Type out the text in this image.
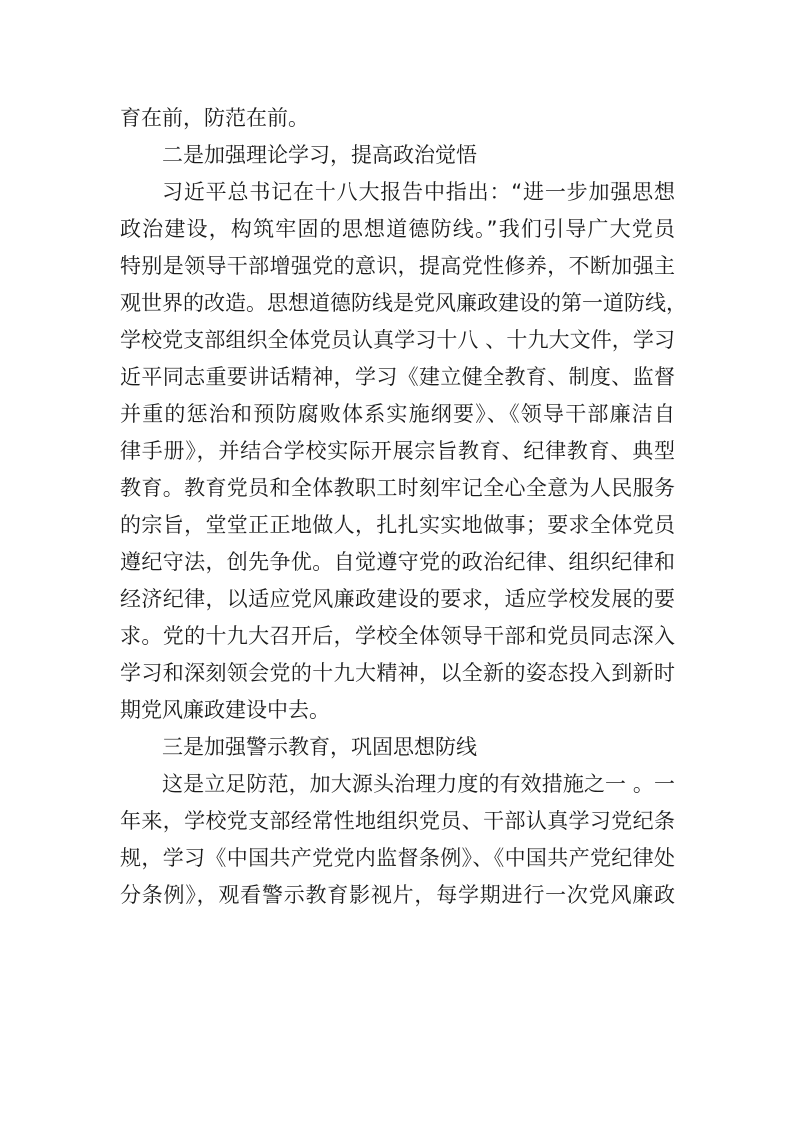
育在前，防范在前。
二是加强理论学习，提高政治觉悟
习近平总书记在十八大报告中指出：“进一步加强思想
政治建设，构筑牢固的思想道德防线。”我们引导广大党员
特别是领导干部增强党的意识，提高党性修养，不断加强主
观世界的改造。思想道德防线是党风廉政建设的第一道防线，
学校党支部组织全体党员认真学习十八 、十九大文件，学习
近平同志重要讲话精神，学习《建立健全教育、制度、监督
并重的惩治和预防腐败体系实施纲要》、《领导干部廉洁自
律手册》，并结合学校实际开展宗旨教育、纪律教育、典型
教育。教育党员和全体教职工时刻牢记全心全意为人民服务
的宗旨，堂堂正正地做人，扎扎实实地做事；要求全体党员
遵纪守法，创先争优。自觉遵守党的政治纪律、组织纪律和
经济纪律，以适应党风廉政建设的要求，适应学校发展的要
求。党的十九大召开后，学校全体领导干部和党员同志深入
学习和深刻领会党的十九大精神，以全新的姿态投入到新时
期党风廉政建设中去。
三是加强警示教育，巩固思想防线
这是立足防范，加大源头治理力度的有效措施之一 。一
年来，学校党支部经常性地组织党员、干部认真学习党纪条
规，学习《中国共产党党内监督条例》、《中国共产党纪律处
分条例》，观看警示教育影视片，每学期进行一次党风廉政
